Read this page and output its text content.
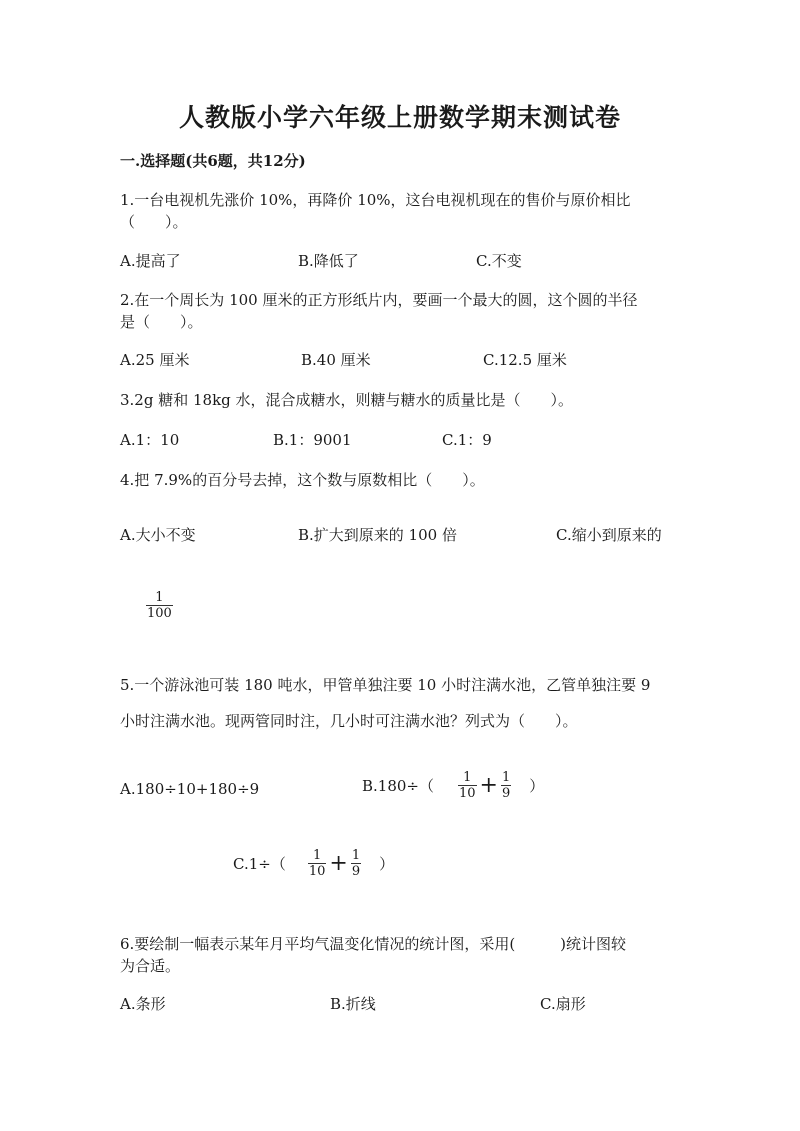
人教版小学六年级上册数学期末测试卷
一.选择题(共6题，共12分)
1.一台电视机先涨价 10%，再降价 10%，这台电视机现在的售价与原价相比
（　　）。
A.提高了	B.降低了	C.不变
2.在一个周长为 100 厘米的正方形纸片内，要画一个最大的圆，这个圆的半径
是（　　）。
A.25 厘米	B.40 厘米	C.12.5 厘米
3.2g 糖和 18kg 水，混合成糖水，则糖与糖水的质量比是（　　）。
A.1：10	B.1：9001	C.1：9
4.把 7.9%的百分号去掉，这个数与原数相比（　　）。
A.大小不变	B.扩大到原来的 100 倍	C.缩小到原来的
$\frac{1}{100}$
5.一个游泳池可装 180 吨水，甲管单独注要 10 小时注满水池，乙管单独注要 9
小时注满水池。现两管同时注，几小时可注满水池？列式为（　　）。
A.180÷10+180÷9	$B.180\div( \frac{1}{10} + \frac{1}{9}$ ）
$C.1\div( \frac{1}{10} + \frac{1}{9}$ ）
6.要绘制一幅表示某年月平均气温变化情况的统计图，采用(　　　)统计图较
为合适。
A.条形	B.折线	C.扇形
